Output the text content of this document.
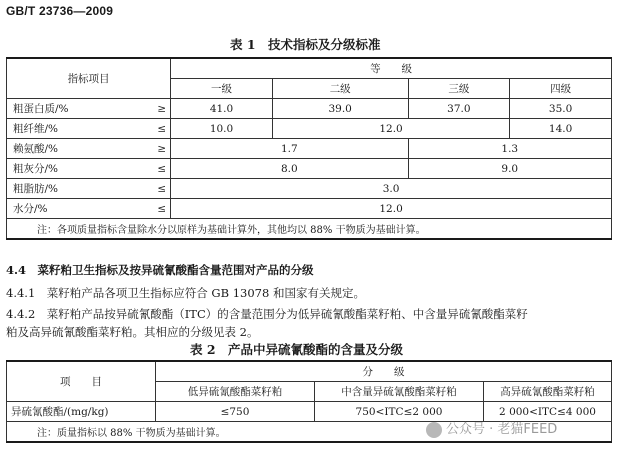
GB/T 23736—2009
表 1　技术指标及分级标准
指标项目		等　　级			
		一级	二级	三级	四级
粗蛋白质/%	≥	41.0	39.0	37.0	35.0
粗纤维/%	≤	10.0	12.0		14.0
赖氨酸/%	≥	1.7		1.3	
粗灰分/%	≤	8.0		9.0	
粗脂肪/%	≤	3.0			
水分/%	≤	12.0			
注：各项质量指标含量除水分以原样为基础计算外，其他均以 88% 干物质为基础计算。					
4.4　菜籽粕卫生指标及按异硫氰酸酯含量范围对产品的分级
4.4.1　菜籽粕产品各项卫生指标应符合 GB 13078 和国家有关规定。
4.4.2　菜籽粕产品按异硫氰酸酯（ITC）的含量范围分为低异硫氰酸酯菜籽粕、中含量异硫氰酸酯菜籽
粕及高异硫氰酸酯菜籽粕。其相应的分级见表 2。
表 2　产品中异硫氰酸酯的含量及分级
项　　目	分　　级		
	低异硫氰酸酯菜籽粕	中含量异硫氰酸酯菜籽粕	高异硫氰酸酯菜籽粕
异硫氰酸酯/(mg/kg)	≤750	750<ITC≤2 000	2 000<ITC≤4 000
注：质量指标以 88% 干物质为基础计算。				公众号 · 老猫FEED
